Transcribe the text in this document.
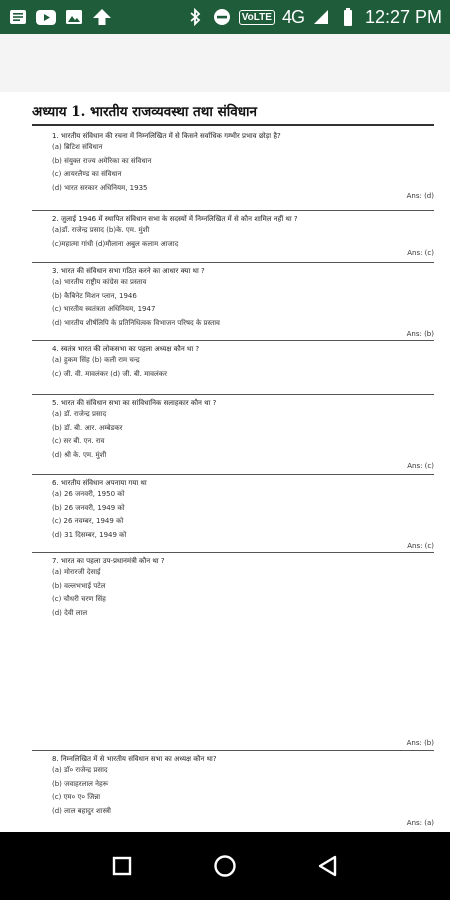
VoLTE 4G	12:27 PM
अध्याय 1. भारतीय राजव्यवस्था तथा संविधान
1. भारतीय संविधान की रचना में निम्नलिखित में से किसने सर्वाधिक गम्भीर प्रभाव छोड़ा है?
(a) ब्रिटिश संविधान
(b) संयुक्त राज्य अमेरिका का संविधान
(c) आयरलैण्ड का संविधान
(d) भारत सरकार अधिनियम, 1935
Ans: (d)
2. जुलाई 1946 में स्थापित संविधान सभा के सदस्यों में निम्नलिखित में से कौन शामिल नहीं था ?
(a)डॉ. राजेन्द्र प्रसाद (b)के. एम. मुंशी
(c)महात्मा गांधी (d)मौलाना अबुल कलाम आजाद
Ans: (c)
3. भारत की संविधान सभा गठित करने का आधार क्या था ?
(a) भारतीय राष्ट्रीय कांग्रेस का प्रस्ताव
(b) कैबिनेट मिशन प्लान, 1946
(c) भारतीय स्वतंत्रता अधिनियम, 1947
(d) भारतीय शीर्षलिपि के प्रतिनिधित्वक विभाजन परिषद के प्रस्ताव
Ans: (b)
4. स्वतंत्र भारत की लोकसभा का पहला अध्यक्ष कौन था ?
(a) हुकम सिंह (b) कली राम चन्द्र
(c) जी. वी. मावलंकर (d) जी. बी. मावलंकर
5. भारत की संविधान सभा का सांविधानिक सलाहकार कौन था ?
(a) डॉ. राजेन्द्र प्रसाद
(b) डॉ. बी. आर. अम्बेडकर
(c) सर बी. एन. राव
(d) श्री के. एम. मुंशी
Ans: (c)
6. भारतीय संविधान अपनाया गया था
(a) 26 जनवरी, 1950 को
(b) 26 जनवरी, 1949 को
(c) 26 नवम्बर, 1949 को
(d) 31 दिसम्बर, 1949 को
Ans: (c)
7. भारत का पहला उप-प्रधानमंत्री कौन था ?
(a) मोरारजी देसाई
(b) वल्लभभाई पटेल
(c) चौधरी चरण सिंह
(d) देवी लाल
Ans: (b)
8. निम्नलिखित में से भारतीय संविधान सभा का अध्यक्ष कौन था?
(a) डॉ० राजेन्द्र प्रसाद
(b) जवाहरलाल नेहरू
(c) एम० ए० जिन्ना
(d) लाल बहादुर शास्त्री
Ans: (a)
